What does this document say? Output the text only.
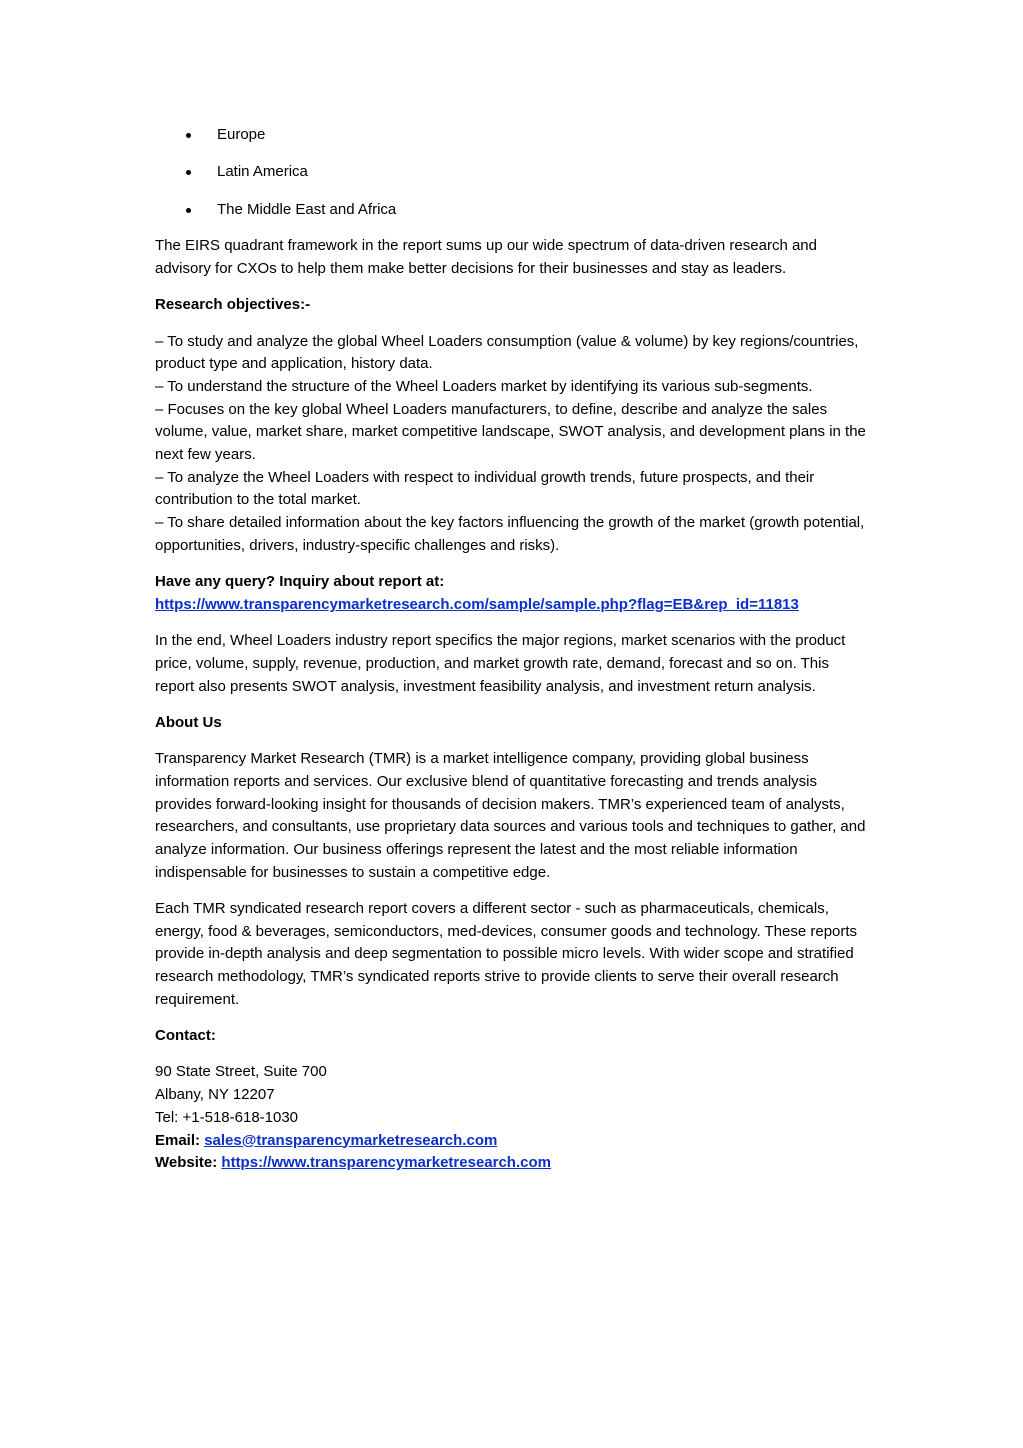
Europe
Latin America
The Middle East and Africa

The EIRS quadrant framework in the report sums up our wide spectrum of data-driven research and advisory for CXOs to help them make better decisions for their businesses and stay as leaders.

Research objectives:-

– To study and analyze the global Wheel Loaders consumption (value & volume) by key regions/countries, product type and application, history data.
– To understand the structure of the Wheel Loaders market by identifying its various sub-segments.
– Focuses on the key global Wheel Loaders manufacturers, to define, describe and analyze the sales volume, value, market share, market competitive landscape, SWOT analysis, and development plans in the next few years.
– To analyze the Wheel Loaders with respect to individual growth trends, future prospects, and their contribution to the total market.
– To share detailed information about the key factors influencing the growth of the market (growth potential, opportunities, drivers, industry-specific challenges and risks).

Have any query? Inquiry about report at:
https://www.transparencymarketresearch.com/sample/sample.php?flag=EB&rep_id=11813

In the end, Wheel Loaders industry report specifics the major regions, market scenarios with the product price, volume, supply, revenue, production, and market growth rate, demand, forecast and so on. This report also presents SWOT analysis, investment feasibility analysis, and investment return analysis.

About Us

Transparency Market Research (TMR) is a market intelligence company, providing global business information reports and services. Our exclusive blend of quantitative forecasting and trends analysis provides forward-looking insight for thousands of decision makers. TMR’s experienced team of analysts, researchers, and consultants, use proprietary data sources and various tools and techniques to gather, and analyze information. Our business offerings represent the latest and the most reliable information indispensable for businesses to sustain a competitive edge.

Each TMR syndicated research report covers a different sector - such as pharmaceuticals, chemicals, energy, food & beverages, semiconductors, med-devices, consumer goods and technology. These reports provide in-depth analysis and deep segmentation to possible micro levels. With wider scope and stratified research methodology, TMR’s syndicated reports strive to provide clients to serve their overall research requirement.

Contact:

90 State Street, Suite 700
Albany, NY 12207
Tel: +1-518-618-1030
Email: sales@transparencymarketresearch.com
Website: https://www.transparencymarketresearch.com
